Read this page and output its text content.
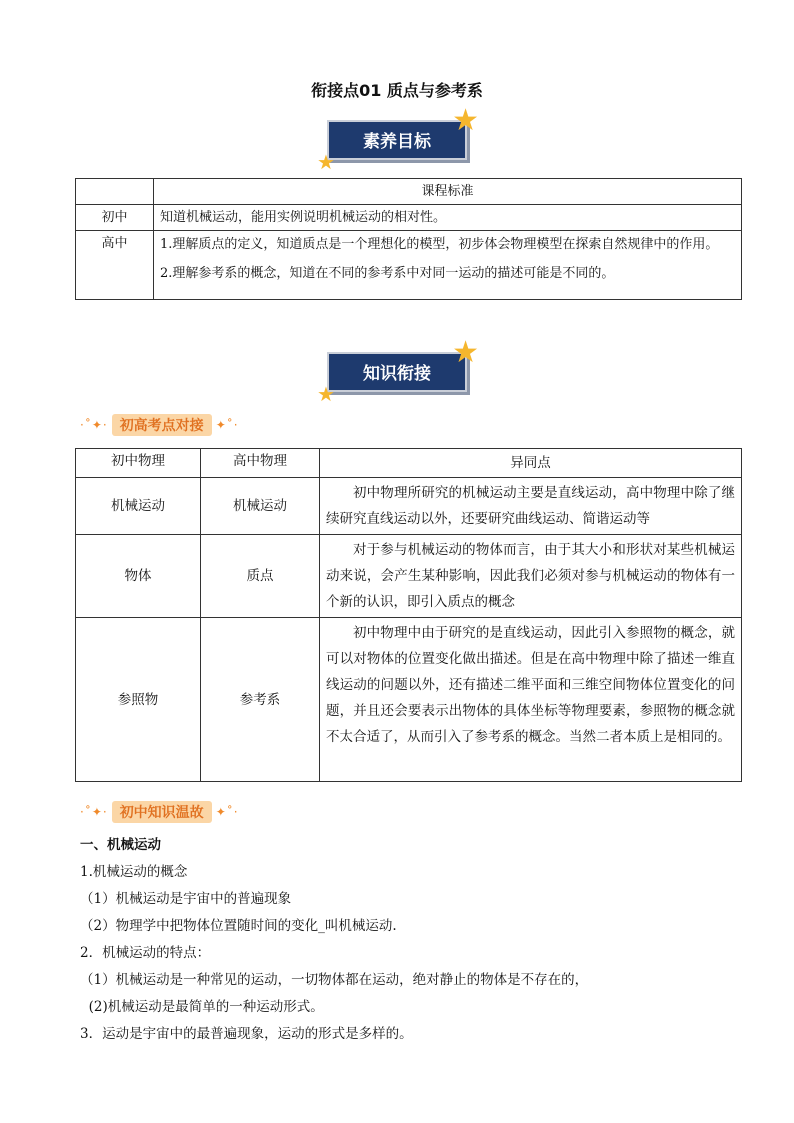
衔接点01 质点与参考系
素养目标
★
★
	课程标准
初中	知道机械运动，能用实例说明机械运动的相对性。

高中	1.理解质点的定义，知道质点是一个理想化的模型，初步体会物理模型在探索自然规律中的作用。
2.理解参考系的概念，知道在不同的参考系中对同一运动的描述可能是不同的。
知识衔接
★
★
·˚✦· 初高考点对接	✦˚·
初中物理	高中物理	异同点
机械运动	机械运动	初中物理所研究的机械运动主要是直线运动，高中物理中除了继续研究直线运动以外，还要研究曲线运动、简谐运动等
物体	质点	对于参与机械运动的物体而言，由于其大小和形状对某些机械运动来说，会产生某种影响，因此我们必须对参与机械运动的物体有一个新的认识，即引入质点的概念
参照物	参考系	初中物理中由于研究的是直线运动，因此引入参照物的概念，就可以对物体的位置变化做出描述。但是在高中物理中除了描述一维直线运动的问题以外，还有描述二维平面和三维空间物体位置变化的问题，并且还会要表示出物体的具体坐标等物理要素，参照物的概念就不太合适了，从而引入了参考系的概念。当然二者本质上是相同的。
·˚✦· 初中知识温故	✦˚·

一、机械运动

1.机械运动的概念

（1）机械运动是宇宙中的普遍现象

（2）物理学中把物体位置随时间的变化_叫机械运动.

2．机械运动的特点：

（1）机械运动是一种常见的运动，一切物体都在运动，绝对静止的物体是不存在的，

(2)机械运动是最简单的一种运动形式。

3．运动是宇宙中的最普遍现象，运动的形式是多样的。
